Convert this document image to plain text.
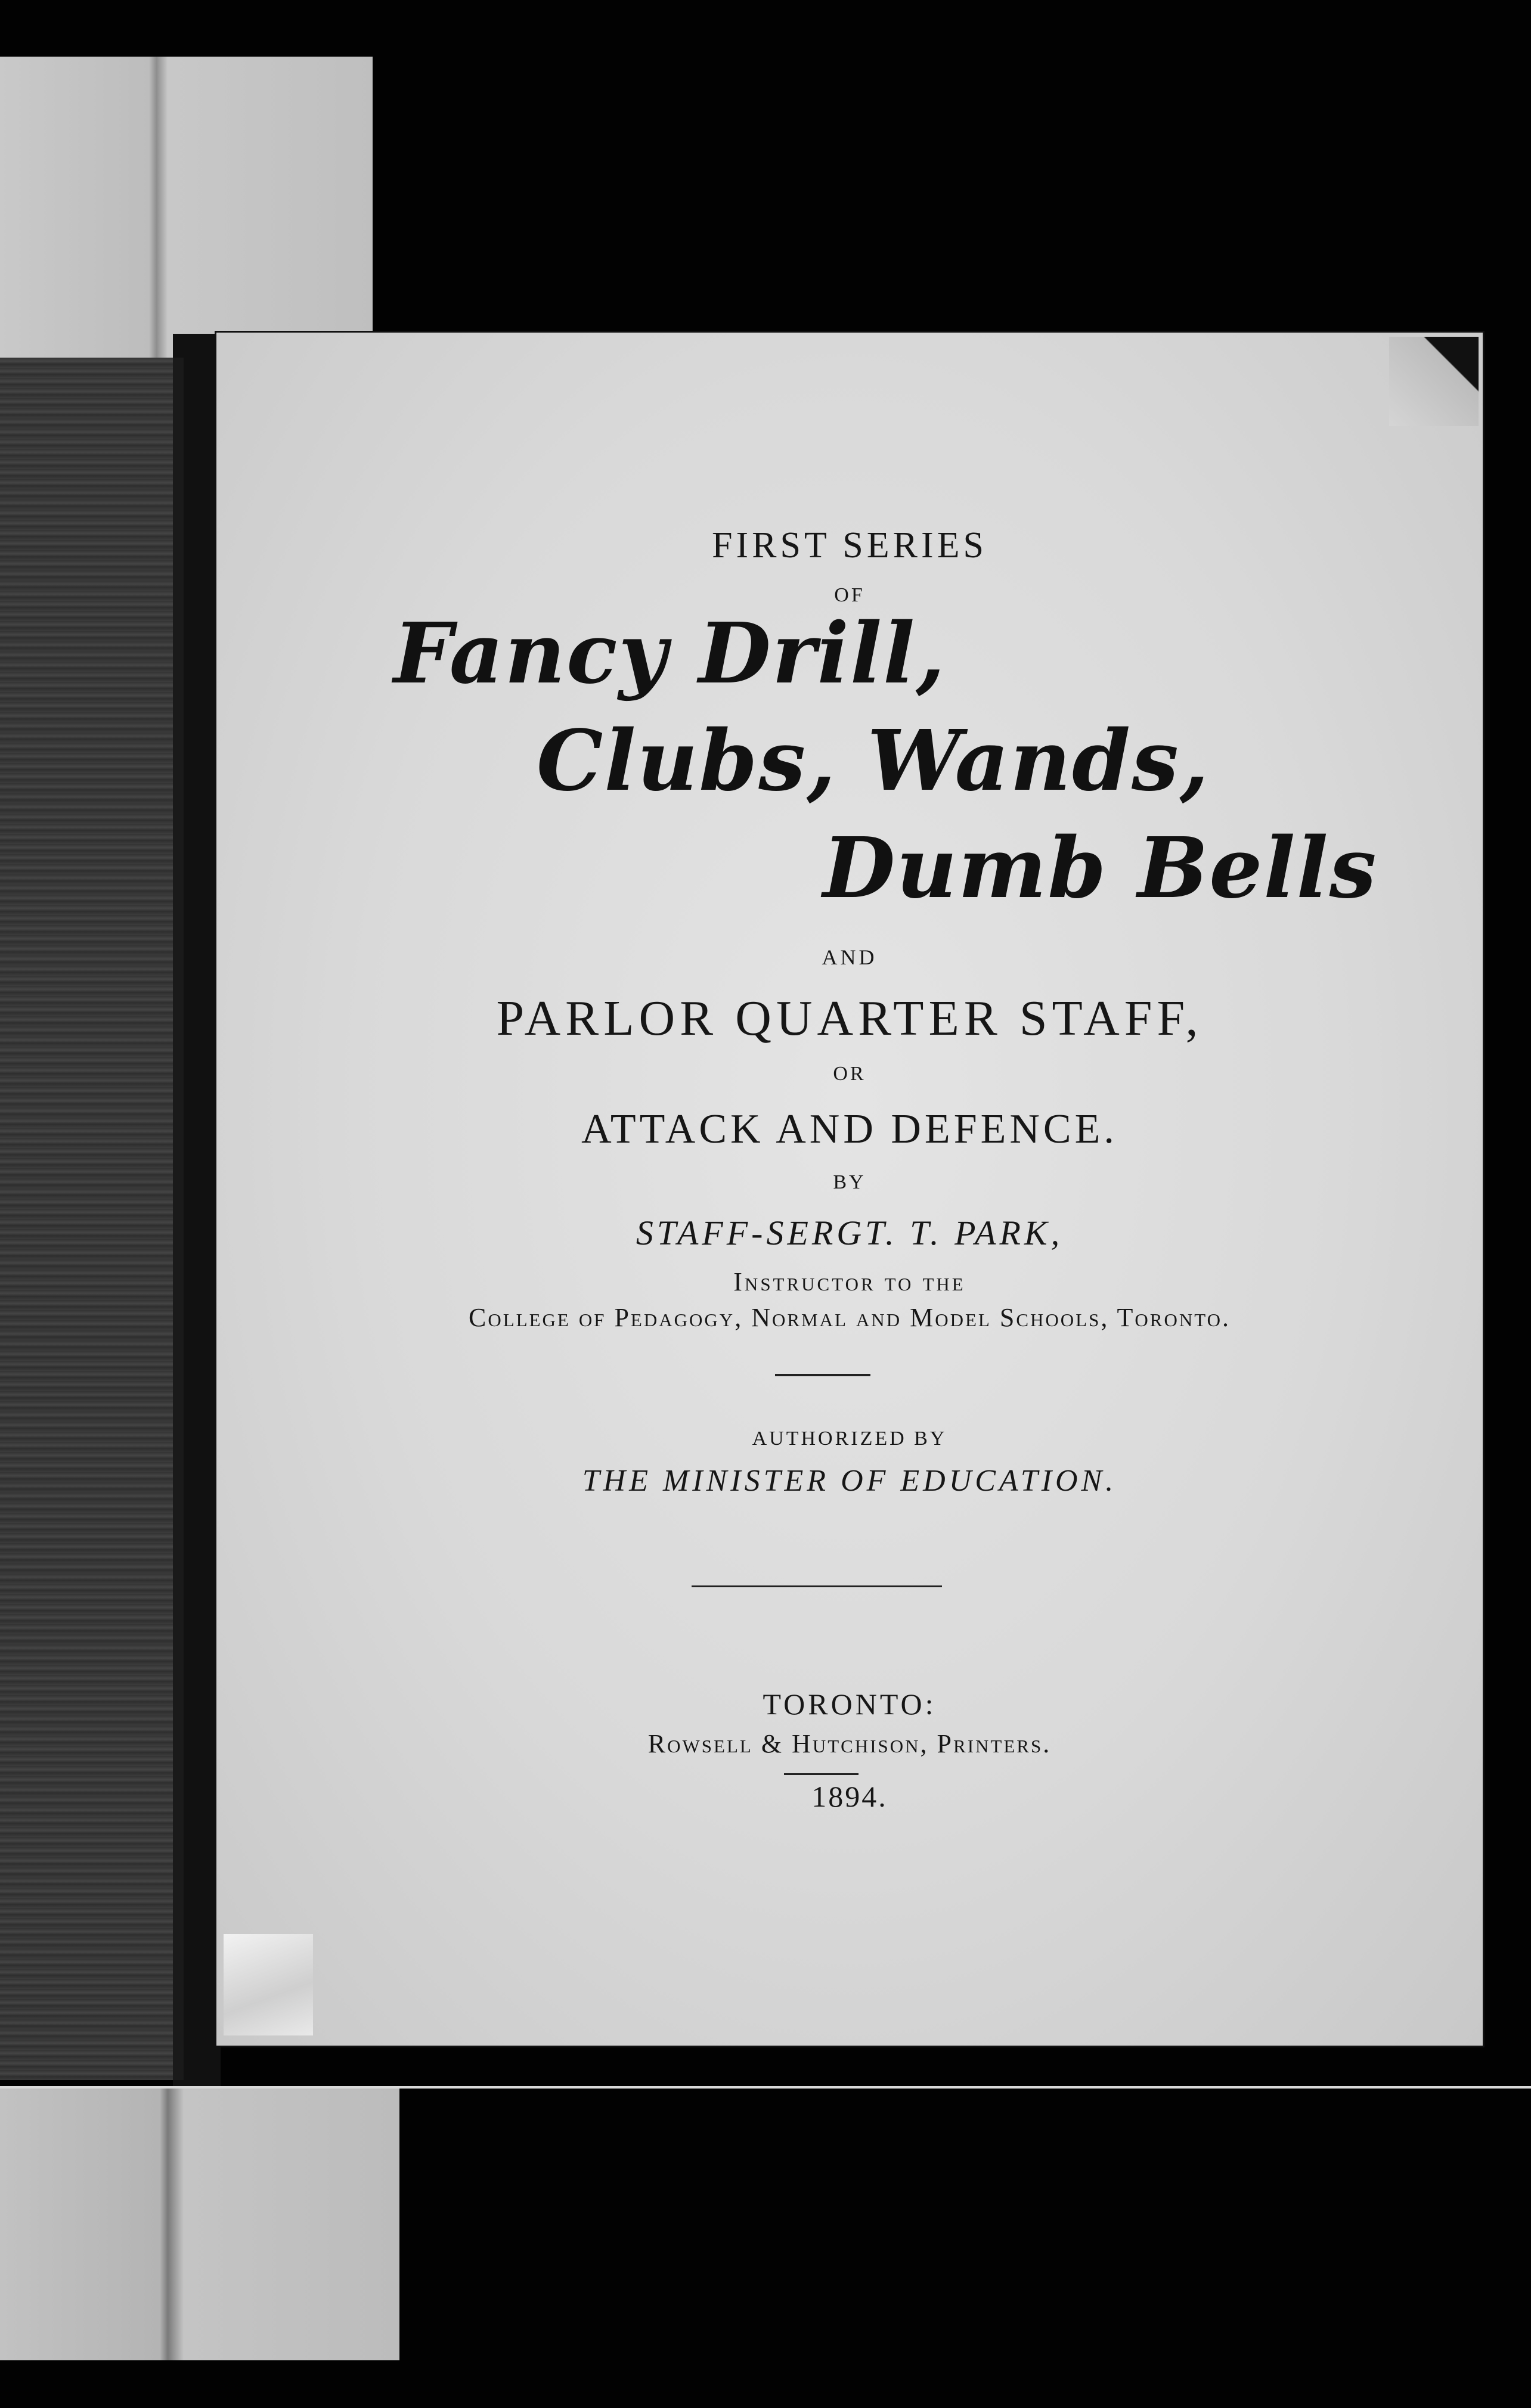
FIRST SERIES
OF
Fancy Drill,
Clubs, Wands,
Dumb Bells
AND
PARLOR QUARTER STAFF,
OR
ATTACK AND DEFENCE.
BY
STAFF-SERGT. T. PARK,
Instructor to the
College of Pedagogy, Normal and Model Schools, Toronto.
AUTHORIZED BY
THE MINISTER OF EDUCATION.
TORONTO:
Rowsell & Hutchison, Printers.
1894.
